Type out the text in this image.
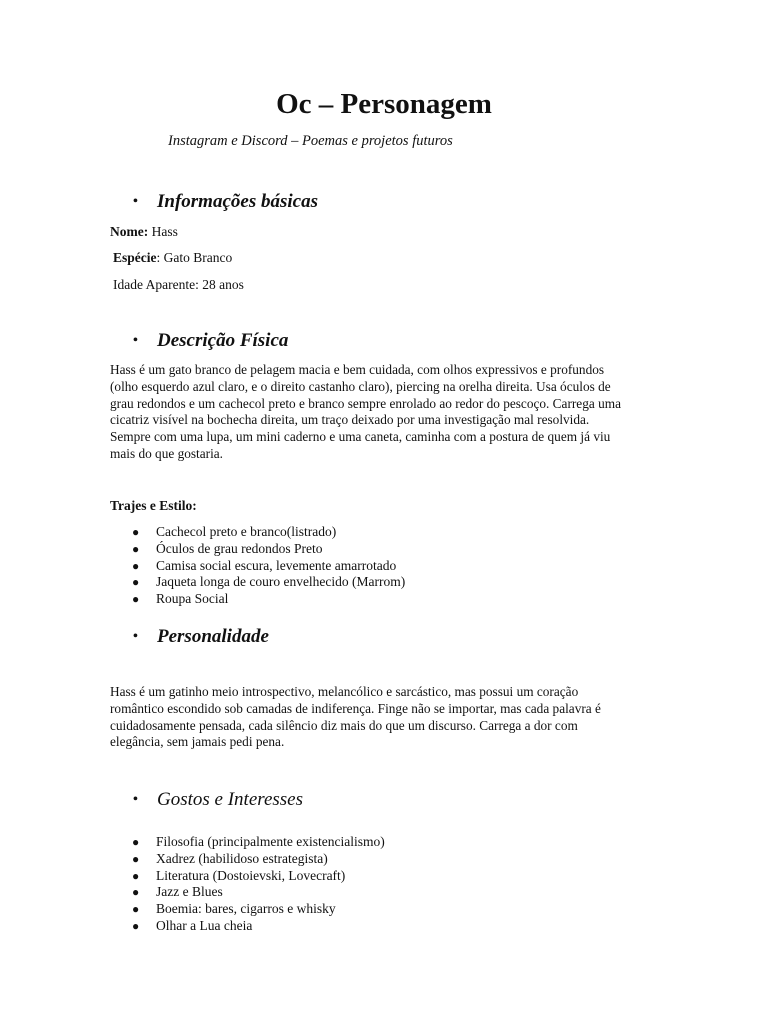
Oc – Personagem
Instagram e Discord – Poemas e projetos futuros
• Informações básicas
Nome: Hass
Espécie: Gato Branco
Idade Aparente: 28 anos
• Descrição Física
Hass é um gato branco de pelagem macia e bem cuidada, com olhos expressivos e profundos
(olho esquerdo azul claro, e o direito castanho claro), piercing na orelha direita. Usa óculos de
grau redondos e um cachecol preto e branco sempre enrolado ao redor do pescoço. Carrega uma
cicatriz visível na bochecha direita, um traço deixado por uma investigação mal resolvida.
Sempre com uma lupa, um mini caderno e uma caneta, caminha com a postura de quem já viu
mais do que gostaria.
Trajes e Estilo:
● Cachecol preto e branco(listrado)
● Óculos de grau redondos Preto
● Camisa social escura, levemente amarrotado
● Jaqueta longa de couro envelhecido (Marrom)
● Roupa Social
• Personalidade
Hass é um gatinho meio introspectivo, melancólico e sarcástico, mas possui um coração
romântico escondido sob camadas de indiferença. Finge não se importar, mas cada palavra é
cuidadosamente pensada, cada silêncio diz mais do que um discurso. Carrega a dor com
elegância, sem jamais pedi pena.
• Gostos e Interesses
● Filosofia (principalmente existencialismo)
● Xadrez (habilidoso estrategista)
● Literatura (Dostoievski, Lovecraft)
● Jazz e Blues
● Boemia: bares, cigarros e whisky
● Olhar a Lua cheia
